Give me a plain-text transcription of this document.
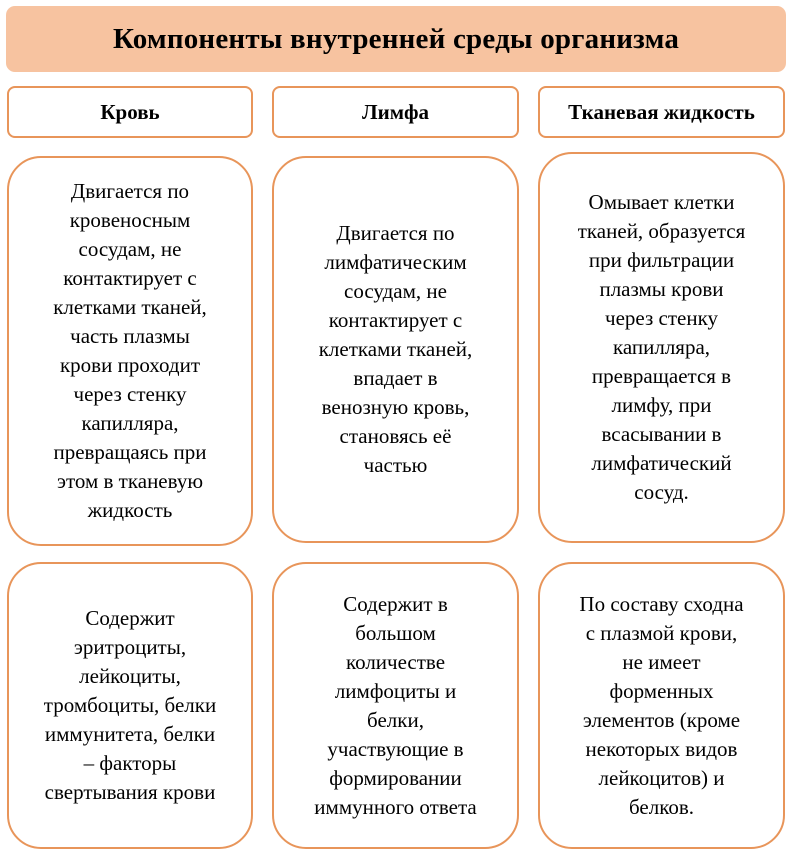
Компоненты внутренней среды организма
Кровь	Лимфа	Тканевая жидкость
Двигается по
кровеносным
сосудам, не
контактирует с
клетками тканей,
часть плазмы
крови проходит
через стенку
капилляра,
превращаясь при
этом в тканевую
жидкость
Двигается по
лимфатическим
сосудам, не
контактирует с
клетками тканей,
впадает в
венозную кровь,
становясь её
частью
Омывает клетки
тканей, образуется
при фильтрации
плазмы крови
через стенку
капилляра,
превращается в
лимфу, при
всасывании в
лимфатический
сосуд.
Содержит
эритроциты,
лейкоциты,
тромбоциты, белки
иммунитета, белки
– факторы
свертывания крови
Содержит в
большом
количестве
лимфоциты и
белки,
участвующие в
формировании
иммунного ответа
По составу сходна
с плазмой крови,
не имеет
форменных
элементов (кроме
некоторых видов
лейкоцитов) и
белков.
